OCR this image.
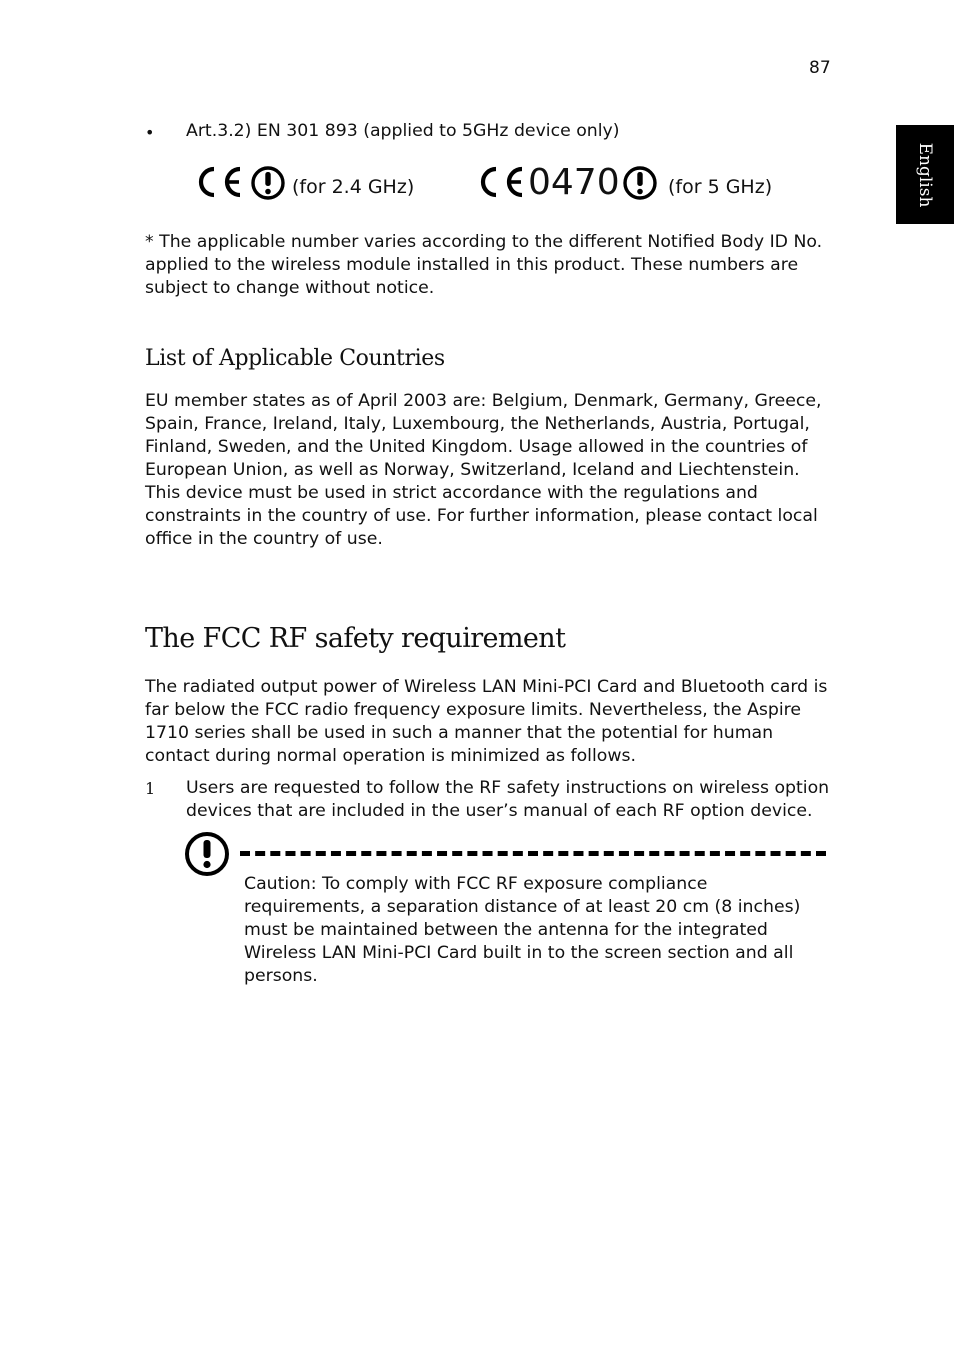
87
English
• Art.3.2) EN 301 893 (applied to 5GHz device only)
(for 2.4 GHz)	0470	(for 5 GHz)
* The applicable number varies according to the different Notified Body ID No. applied to the wireless module installed in this product. These numbers are subject to change without notice.
List of Applicable Countries
EU member states as of April 2003 are: Belgium, Denmark, Germany, Greece, Spain, France, Ireland, Italy, Luxembourg, the Netherlands, Austria, Portugal, Finland, Sweden, and the United Kingdom. Usage allowed in the countries of European Union, as well as Norway, Switzerland, Iceland and Liechtenstein. This device must be used in strict accordance with the regulations and constraints in the country of use. For further information, please contact local office in the country of use.
The FCC RF safety requirement
The radiated output power of Wireless LAN Mini-PCI Card and Bluetooth card is far below the FCC radio frequency exposure limits. Nevertheless, the Aspire 1710 series shall be used in such a manner that the potential for human contact during normal operation is minimized as follows.
1 Users are requested to follow the RF safety instructions on wireless option devices that are included in the user’s manual of each RF option device.
Caution: To comply with FCC RF exposure compliance requirements, a separation distance of at least 20 cm (8 inches) must be maintained between the antenna for the integrated Wireless LAN Mini-PCI Card built in to the screen section and all persons.
